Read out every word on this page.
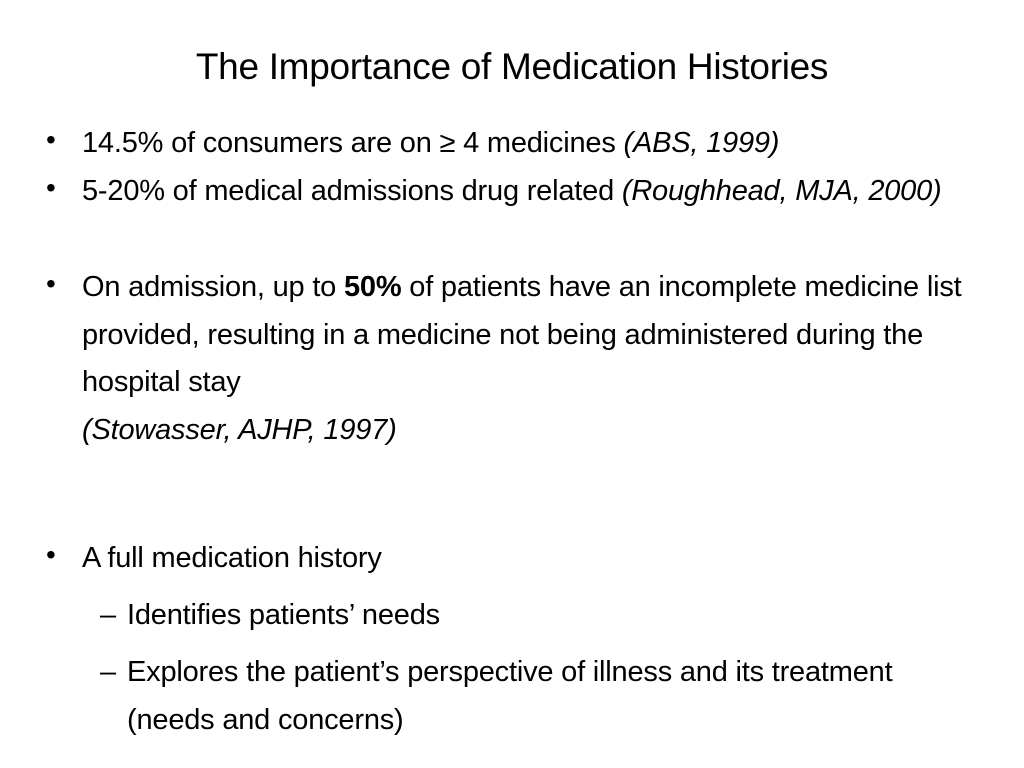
The Importance of Medication Histories
• 14.5% of consumers are on ≥ 4 medicines (ABS, 1999)
• 5-20% of medical admissions drug related (Roughhead, MJA, 2000)
• On admission, up to 50% of patients have an incomplete medicine list provided, resulting in a medicine not being administered during the hospital stay
(Stowasser, AJHP, 1997)
• A full medication history
– Identifies patients’ needs
– Explores the patient’s perspective of illness and its treatment (needs and concerns)
